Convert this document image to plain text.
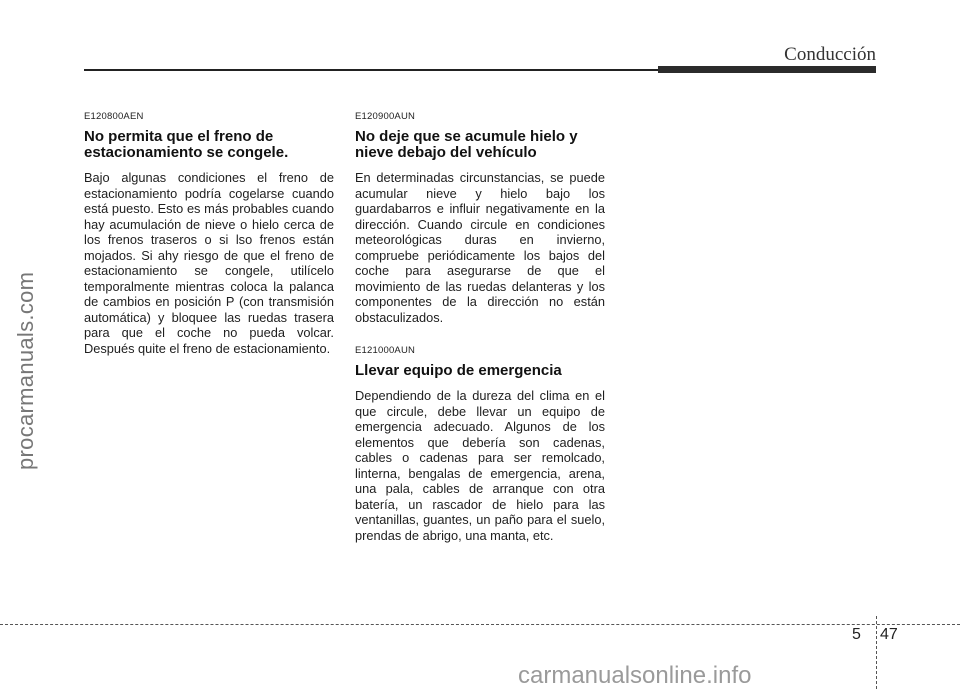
Conducción
procarmanuals.com
E120800AEN
No permita que el freno de estacionamiento se congele.

Bajo algunas condiciones el freno de estacionamiento podría cogelarse cuando está puesto. Esto es más probables cuando hay acumulación de nieve o hielo cerca de los frenos traseros o si lso frenos están mojados. Si ahy riesgo de que el freno de estacionamiento se congele, utilícelo temporalmente mientras coloca la palanca de cambios en posición P (con transmisión automática) y bloquee las ruedas trasera para que el coche no pueda volcar. Después quite el freno de estacionamiento.

E120900AUN
No deje que se acumule hielo y nieve debajo del vehículo

En determinadas circunstancias, se puede acumular nieve y hielo bajo los guardabarros e influir negativamente en la dirección. Cuando circule en condiciones meteorológicas duras en invierno, compruebe periódicamente los bajos del coche para asegurarse de que el movimiento de las ruedas delanteras y los componentes de la dirección no están obstaculizados.

E121000AUN
Llevar equipo de emergencia

Dependiendo de la dureza del clima en el que circule, debe llevar un equipo de emergencia adecuado. Algunos de los elementos que debería son cadenas, cables o cadenas para ser remolcado, linterna, bengalas de emergencia, arena, una pala, cables de arranque con otra batería, un rascador de hielo para las ventanillas, guantes, un paño para el suelo, prendas de abrigo, una manta, etc.

5	47
carmanualsonline.info
